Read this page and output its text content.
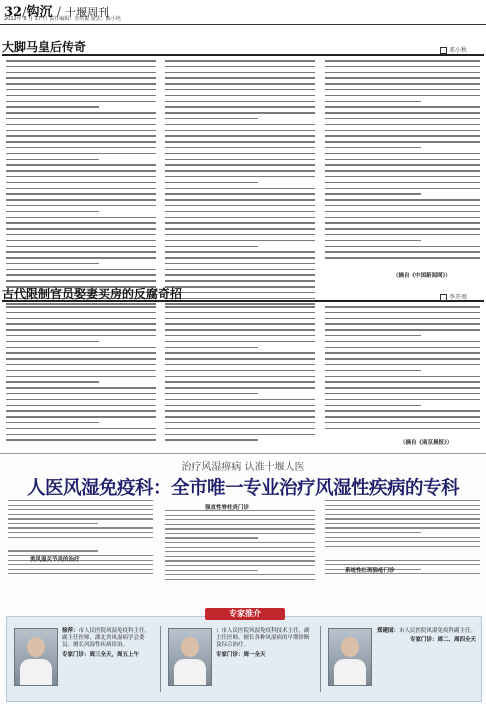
32/钩沉 / 十堰周刊
2012年 8 月 17 日 责任编辑：李洪俊 版式：陈小艳
大脚马皇后传奇	邓小秋
（摘自《中国新闻网》）
古代限制官员娶妻买房的反腐奇招	李开周
（摘自《南京晨报》）
治疗风湿痹病 认准十堰人医
人医风湿免疫科：全市唯一专业治疗风湿性疾病的专科
类风湿关节炎的治疗
强直性脊柱炎门诊
系统性红斑狼疮门诊
专家推介
徐萍：市人民医院风湿免疫科主任，副主任医师，湖北省风湿病学会委员。擅长风湿性疾病诊治。
专家门诊：周三全天，周五上午
：市人民医院风湿免疫科技术主任，副主任医师。擅长各种风湿病的早期诊断及综合治疗。
专家门诊：周一全天
郑建国：市人民医院风湿免疫科副主任。
专家门诊：周二、周四全天
